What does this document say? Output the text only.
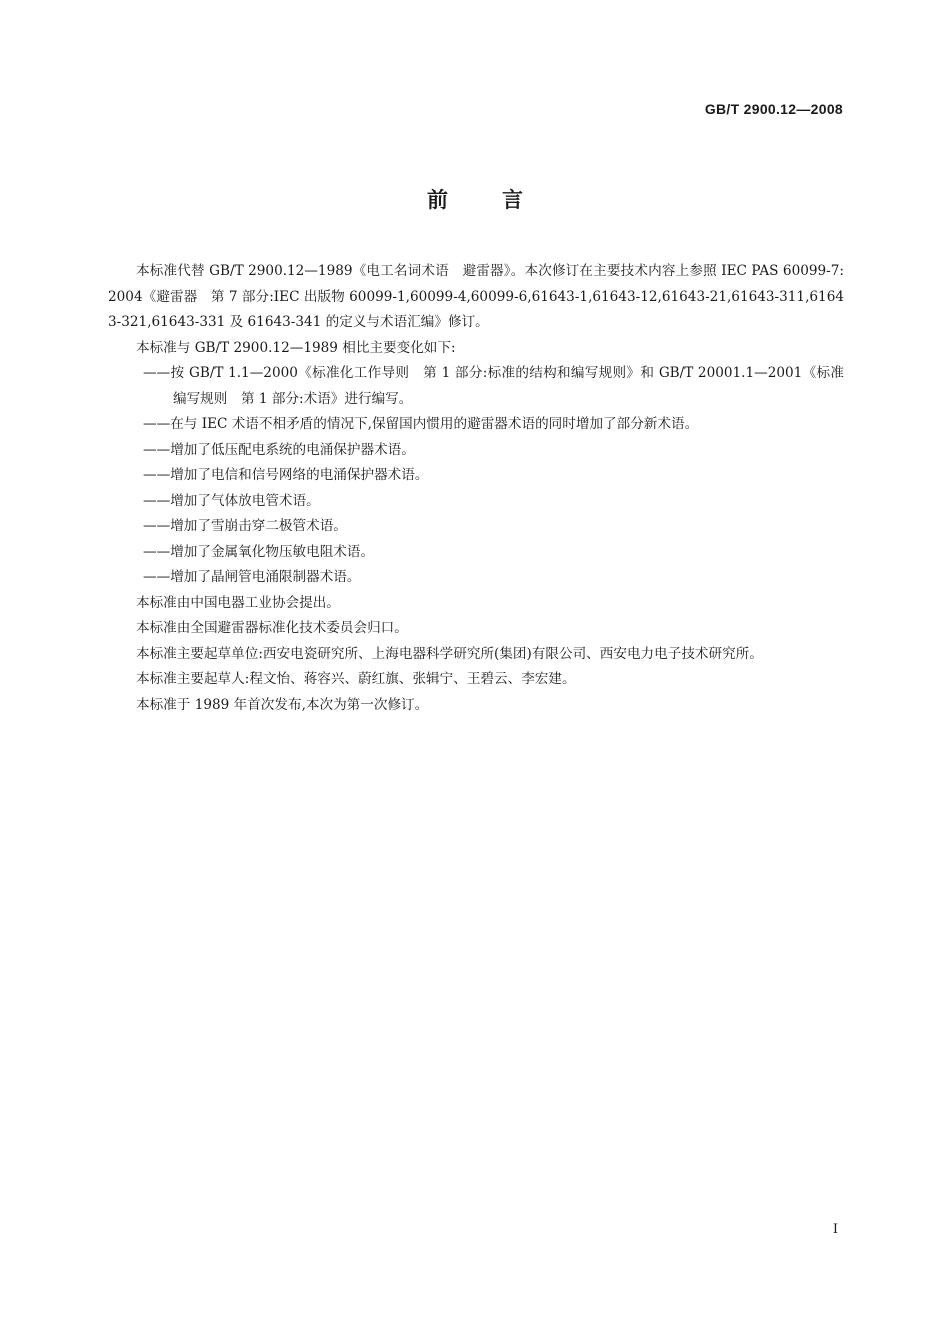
GB/T 2900.12—2008
前	言

本标准代替 GB/T 2900.12—1989《电工名词术语　避雷器》。本次修订在主要技术内容上参照 IEC PAS 60099-7:2004《避雷器　第 7 部分:IEC 出版物 60099-1,60099-4,60099-6,61643-1,61643-12,61643-21,61643-311,61643-321,61643-331 及 61643-341 的定义与术语汇编》修订。

本标准与 GB/T 2900.12—1989 相比主要变化如下:

——按 GB/T 1.1—2000《标准化工作导则　第 1 部分:标准的结构和编写规则》和 GB/T 20001.1—2001《标准编写规则　第 1 部分:术语》进行编写。

——在与 IEC 术语不相矛盾的情况下,保留国内惯用的避雷器术语的同时增加了部分新术语。

——增加了低压配电系统的电涌保护器术语。

——增加了电信和信号网络的电涌保护器术语。

——增加了气体放电管术语。

——增加了雪崩击穿二极管术语。

——增加了金属氧化物压敏电阻术语。

——增加了晶闸管电涌限制器术语。

本标准由中国电器工业协会提出。

本标准由全国避雷器标准化技术委员会归口。

本标准主要起草单位:西安电瓷研究所、上海电器科学研究所(集团)有限公司、西安电力电子技术研究所。

本标准主要起草人:程文怡、蒋容兴、蔚红旗、张辑宁、王碧云、李宏建。

本标准于 1989 年首次发布,本次为第一次修订。

I
